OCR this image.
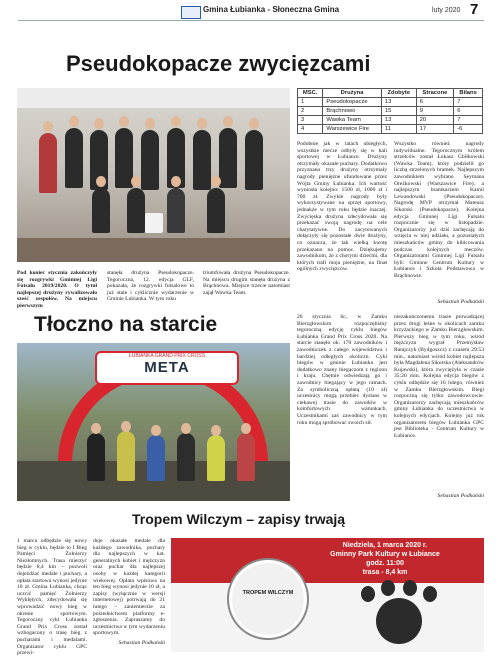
Gmina Łubianka - Słoneczna Gmina	luty 2020 7
Pseudokopacze zwycięzcami
Pod koniec stycznia zakończyły się rozgrywki Gminnej Ligi Futsalu 2019/2020. O tytuł najlepszej drużyny rywalizowało sześć zespołów. Na miejscu pierwszym
stanęła drużyna Pseudokopacze. Tegoroczna, 12. edycja GLF, pokazała, że rozgrywki futsalowe to już stale i cyklicznie wydarzenie w Gminie Łubianka. W tym roku
triumfowała drużyna Pseudokopacze. Na miejscu drugim stanęła drużyna z Brąchnowa. Miejsce trzecie natomiast zajął Wawka Team.
MSC.	Drużyna	Zdobyte	Stracone	Bilans
1	Pseudokopacze	13	6	7
2	Brąchnowo	15	9	6
3	Wawka Team	13	20	7
4	Warszewice Fire	11	17	-6
Podobnie jak w latach ubiegłych, wszystkie mecze odbyły się w hali sportowej w Łubiance. Drużyny otrzymały okazałe puchary. Dodatkowo przyznano trzy drużyny otrzymały nagrody pieniężne ufundowane przez Wójta Gminy Łubianka. Ich wartość wyniosła kolejno: 1500 zł, 1000 zł i 700 zł. Zwykle nagrody były wykorzystywane na sprzęt sportowy, jednakże w tym roku będzie inaczej. Zwycięska drużyna zdecydowała się przekazać swoją nagrodę na cele charytatywne. Do zacytowanych dołączyły się pozostałe dwie drużyny, co oznacza, że tak wielką kwotę przekazano na pomoc. Dziękujemy zawodnikom, że z chorymi dziećmi, dla których trafi moja pieniężne, na finał ogólnych zwycięzców.
Wszystko również nagrody indywidualne. Tegorocznym królem strzelców został Łukasz Gbiłkowski (Wawka Team), który podzielił go liczbą strzelonych bramek. Najlepszym zawodnikiem wybrano Seymana Oreżkowski (Warszawice Fire), a najlepszym bramkarzem Kamil Lewandowski (Pseudokopacze). Nagrodę MVP otrzymał Mateusz Sikorski (Pseudokopacze). Kolejna edycja Gminnej Ligi Futsalu rozpocznie się w listopadzie. Organizatorzy już dziś zachęcają do wzięcia w niej udziału, a pozostałych mieszkańców gminy do kibicowania podczas kolejnych meczów. Organizatorami Gminnej Ligi Futsalu byli: Gminne Centrum Kultury w Łubiance i Szkoła Podstawowa w Brąchnowie.
Sebastian Podkański
Tłoczno na starcie
ŁUBIANKA GRAND PRIX CROSS
META
26 stycznia br., w Zamku Bierzgłowskim rozpoczęliśmy tegoroczną edycję cyklu biegów Łubianka Grand Prix Cross 2020. Na starcie stanęło ok. 170 zawodników i zawodniczek z całego województwa i bardziej odległych okoliczn. Cykl biegów w gminie Łubianka jest dodatkowo znany biegaczom z regionu i kraju. Chętnie odwiedzają go i zawodnicy biegający w jego ramach. Za symboliczną opłatą (10 zł) uczestnicy mogą przebiec dystans w ciekawej trasie do zawodów w komfortowych warunkach. Uczestnikami zaś zawodnicy w tym roku mogą spróbować swoich sił.
niezakończonemu trasie prowadzącej przez drogi leśne w okolicach zamku krzyżackiego w Zamku Bierzgłowskim. Pierwszy bieg w tym roku, wśród mężczyzn wygrał Przemysław Ratajczyk (Bydgoszcz) z czasem 29:53 min., natomiast wśród kobiet najlepsza była Magdalena Sikorska (Aleksandrów Kujawski), która zwyciężyła w czasie 35:20 min. Kolejna edycja biegów z cyklu odbędzie się 16 lutego, również w Zamku Bierzgłowskim. Biegi rozpoczną się tylko zawodowcowie. Organizatorzy zachęcają mieszkańców gminy Łubianka do uczestnictwa w kolejnych edycjach. Kolejny już rok organizatorem biegów Łubianka GPC jest Biblioteka - Centrum Kultury w Łubiance.
Sebastian Podkański
Tropem Wilczym – zapisy trwają
1 marca odbędzie się nowy bieg w cyklu, będzie to I Bieg Pamięci Żołnierzy Niezłomnych. Trasa mierzyć będzie 8,4 km – pozwoli dojeżdżać medale i puchary, a opłata startowa wynosi jedynie 10 zł. Gmina Łubianka, chcąc uczcić pamięć Żołnierzy Wyklętych, zdecydowała się wprowadzić nowy bieg w okresie sportowym. Tegoroczny cykl Łubianka Grand Prix Cross został wzbogacony o trasę bieg z pucharami i medalami. Organizator cyklu GPC przewi-
duje okazałe medale dla każdego zawodnika, puchary dla najlepszych w kat. generalnych kobiet i mężczyzn oraz puchar dla najlepszej osoby w każdej kategorii wiekowej. Opłata wpisowa na ten bieg wynosi jedynie 10 zł, a zapisy (wyłącznie w wersji internetowej) potrwają do 21 lutego – zaniemierzie za pośrednictwem platformy e-zgłoszenia. Zapraszamy do uczestnictwa w tym wydarzeniu sportowym.
Sebastian Podkański
Niedziela, 1 marca 2020 r.
Gminny Park Kultury w Łubiance
godz. 11:00
trasa - 8,4 km
TROPEM WILCZYM
